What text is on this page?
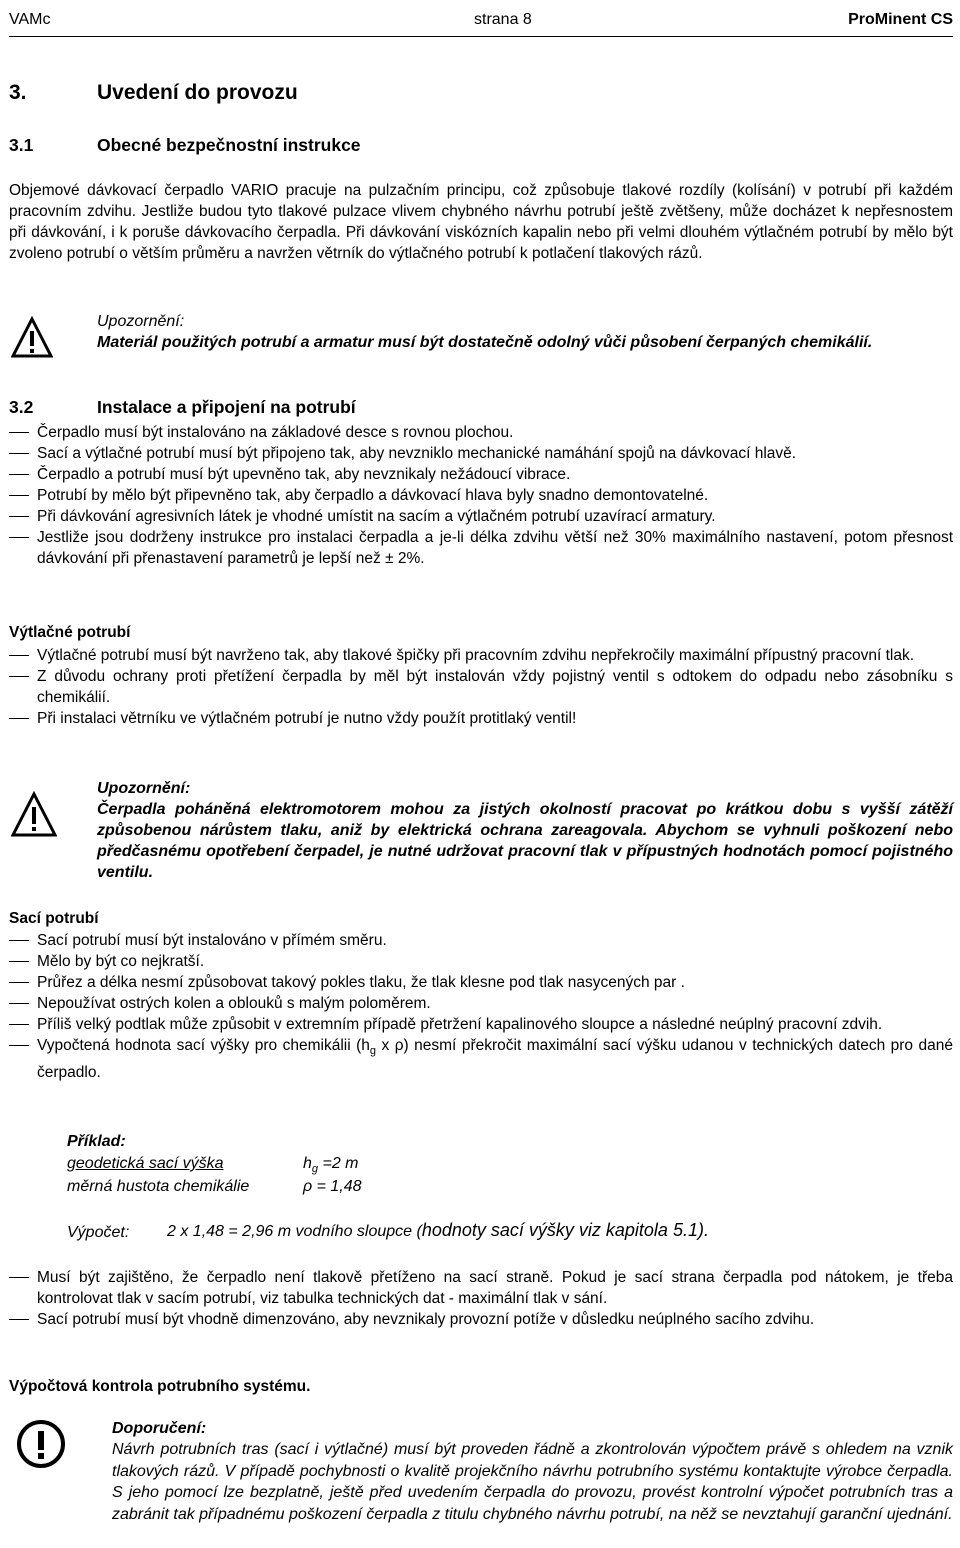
VAMc	strana 8	ProMinent CS
3.	Uvedení do provozu
3.1	Obecné bezpečnostní instrukce

Objemové dávkovací čerpadlo VARIO pracuje na pulzačním principu, což způsobuje tlakové rozdíly (kolísání) v potrubí při každém pracovním zdvihu. Jestliže budou tyto tlakové pulzace vlivem chybného návrhu potrubí ještě zvětšeny, může docházet k nepřesnostem při dávkování, i k poruše dávkovacího čerpadla. Při dávkování viskózních kapalin nebo při velmi dlouhém výtlačném potrubí by mělo být zvoleno potrubí o větším průměru a navržen větrník do výtlačného potrubí k potlačení tlakových rázů.

Upozornění:

Materiál použitých potrubí a armatur musí být dostatečně odolný vůči působení čerpaných chemikálií.

3.2	Instalace a připojení na potrubí
Čerpadlo musí být instalováno na základové desce s rovnou plochou.
Sací a výtlačné potrubí musí být připojeno tak, aby nevzniklo mechanické namáhání spojů na dávkovací hlavě.
Čerpadlo a potrubí musí být upevněno tak, aby nevznikaly nežádoucí vibrace.
Potrubí by mělo být připevněno tak, aby čerpadlo a dávkovací hlava byly snadno demontovatelné.
Při dávkování agresivních látek je vhodné umístit na sacím a výtlačném potrubí uzavírací armatury.
Jestliže jsou dodrženy instrukce pro instalaci čerpadla a je-li délka zdvihu větší než 30% maximálního nastavení, potom přesnost dávkování při přenastavení parametrů je lepší než ± 2%.
Výtlačné potrubí
Výtlačné potrubí musí být navrženo tak, aby tlakové špičky při pracovním zdvihu nepřekročily maximální přípustný pracovní tlak.
Z důvodu ochrany proti přetížení čerpadla by měl být instalován vždy pojistný ventil s odtokem do odpadu nebo zásobníku s chemikálií.
Při instalaci větrníku ve výtlačném potrubí je nutno vždy použít protitlaký ventil!
Upozornění:

Čerpadla poháněná elektromotorem mohou za jistých okolností pracovat po krátkou dobu s vyšší zátěží způsobenou nárůstem tlaku, aniž by elektrická ochrana zareagovala. Abychom se vyhnuli poškození nebo předčasnému opotřebení čerpadel, je nutné udržovat pracovní tlak v přípustných hodnotách pomocí pojistného ventilu.

Sací potrubí
Sací potrubí musí být instalováno v přímém směru.
Mělo by být co nejkratší.
Průřez a délka nesmí způsobovat takový pokles tlaku, že tlak klesne pod tlak nasycených par .
Nepoužívat ostrých kolen a oblouků s malým poloměrem.
Příliš velký podtlak může způsobit v extremním případě přetržení kapalinového sloupce a následné neúplný pracovní zdvih.
Vypočtená hodnota sací výšky pro chemikálii ($h_g$ x ρ) nesmí překročit maximální sací výšku udanou v technických datech pro dané čerpadlo.
Příklad:
geodetická sací výška	$h_g =2$ m
měrná hustota chemikálie	ρ = 1,48
Výpočet: 2 x 1,48 = 2,96 m vodního sloupce (hodnoty sací výšky viz kapitola 5.1).
Musí být zajištěno, že čerpadlo není tlakově přetíženo na sací straně. Pokud je sací strana čerpadla pod nátokem, je třeba kontrolovat tlak v sacím potrubí, viz tabulka technických dat - maximální tlak v sání.
Sací potrubí musí být vhodně dimenzováno, aby nevznikaly provozní potíže v důsledku neúplného sacího zdvihu.
Výpočtová kontrola potrubního systému.
Doporučení:

Návrh potrubních tras (sací i výtlačné) musí být proveden řádně a zkontrolován výpočtem právě s ohledem na vznik tlakových rázů. V případě pochybnosti o kvalitě projekčního návrhu potrubního systému kontaktujte výrobce čerpadla. S jeho pomocí lze bezplatně, ještě před uvedením čerpadla do provozu, provést kontrolní výpočet potrubních tras a zabránit tak případnému poškození čerpadla z titulu chybného návrhu potrubí, na něž se nevztahují garanční ujednání.
